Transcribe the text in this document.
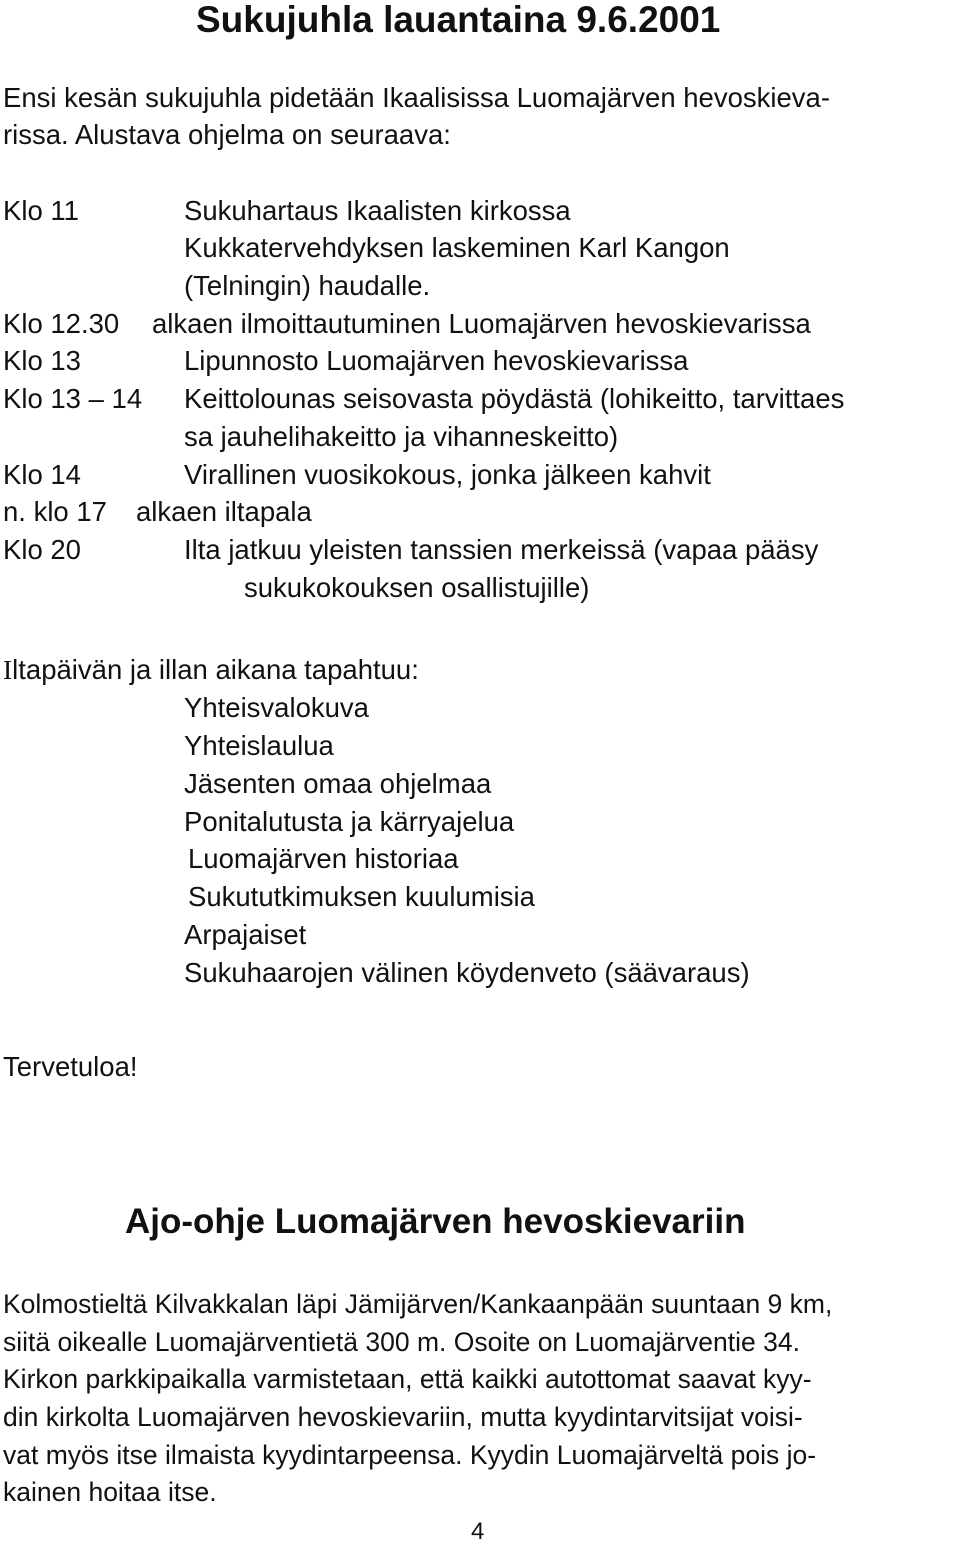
Sukujuhla lauantaina 9.6.2001
Ensi kesän sukujuhla pidetään Ikaalisissa Luomajärven hevoskieva-
rissa. Alustava ohjelma on seuraava:
Klo 11	Sukuhartaus Ikaalisten kirkossa
Kukkatervehdyksen laskeminen Karl Kangon
(Telningin) haudalle.
Klo 12.30 alkaen ilmoittautuminen Luomajärven hevoskievarissa
Klo 13	Lipunnosto Luomajärven hevoskievarissa
Klo 13 – 14 Keittolounas seisovasta pöydästä (lohikeitto, tarvittaes
sa jauhelihakeitto ja vihanneskeitto)
Klo 14	Virallinen vuosikokous, jonka jälkeen kahvit
n. klo 17 alkaen iltapala
Klo 20	Ilta jatkuu yleisten tanssien merkeissä (vapaa pääsy
sukukokouksen osallistujille)
Iltapäivän ja illan aikana tapahtuu:
Yhteisvalokuva
Yhteislaulua
Jäsenten omaa ohjelmaa
Ponitalutusta ja kärryajelua
Luomajärven historiaa
Sukututkimuksen kuulumisia
Arpajaiset
Sukuhaarojen välinen köydenveto (säävaraus)
Tervetuloa!
Ajo-ohje Luomajärven hevoskievariin
Kolmostieltä Kilvakkalan läpi Jämijärven/Kankaanpään suuntaan 9 km,
siitä oikealle Luomajärventietä 300 m. Osoite on Luomajärventie 34.
Kirkon parkkipaikalla varmistetaan, että kaikki autottomat saavat kyy-
din kirkolta Luomajärven hevoskievariin, mutta kyydintarvitsijat voisi-
vat myös itse ilmaista kyydintarpeensa. Kyydin Luomajärveltä pois jo-
kainen hoitaa itse.
4
